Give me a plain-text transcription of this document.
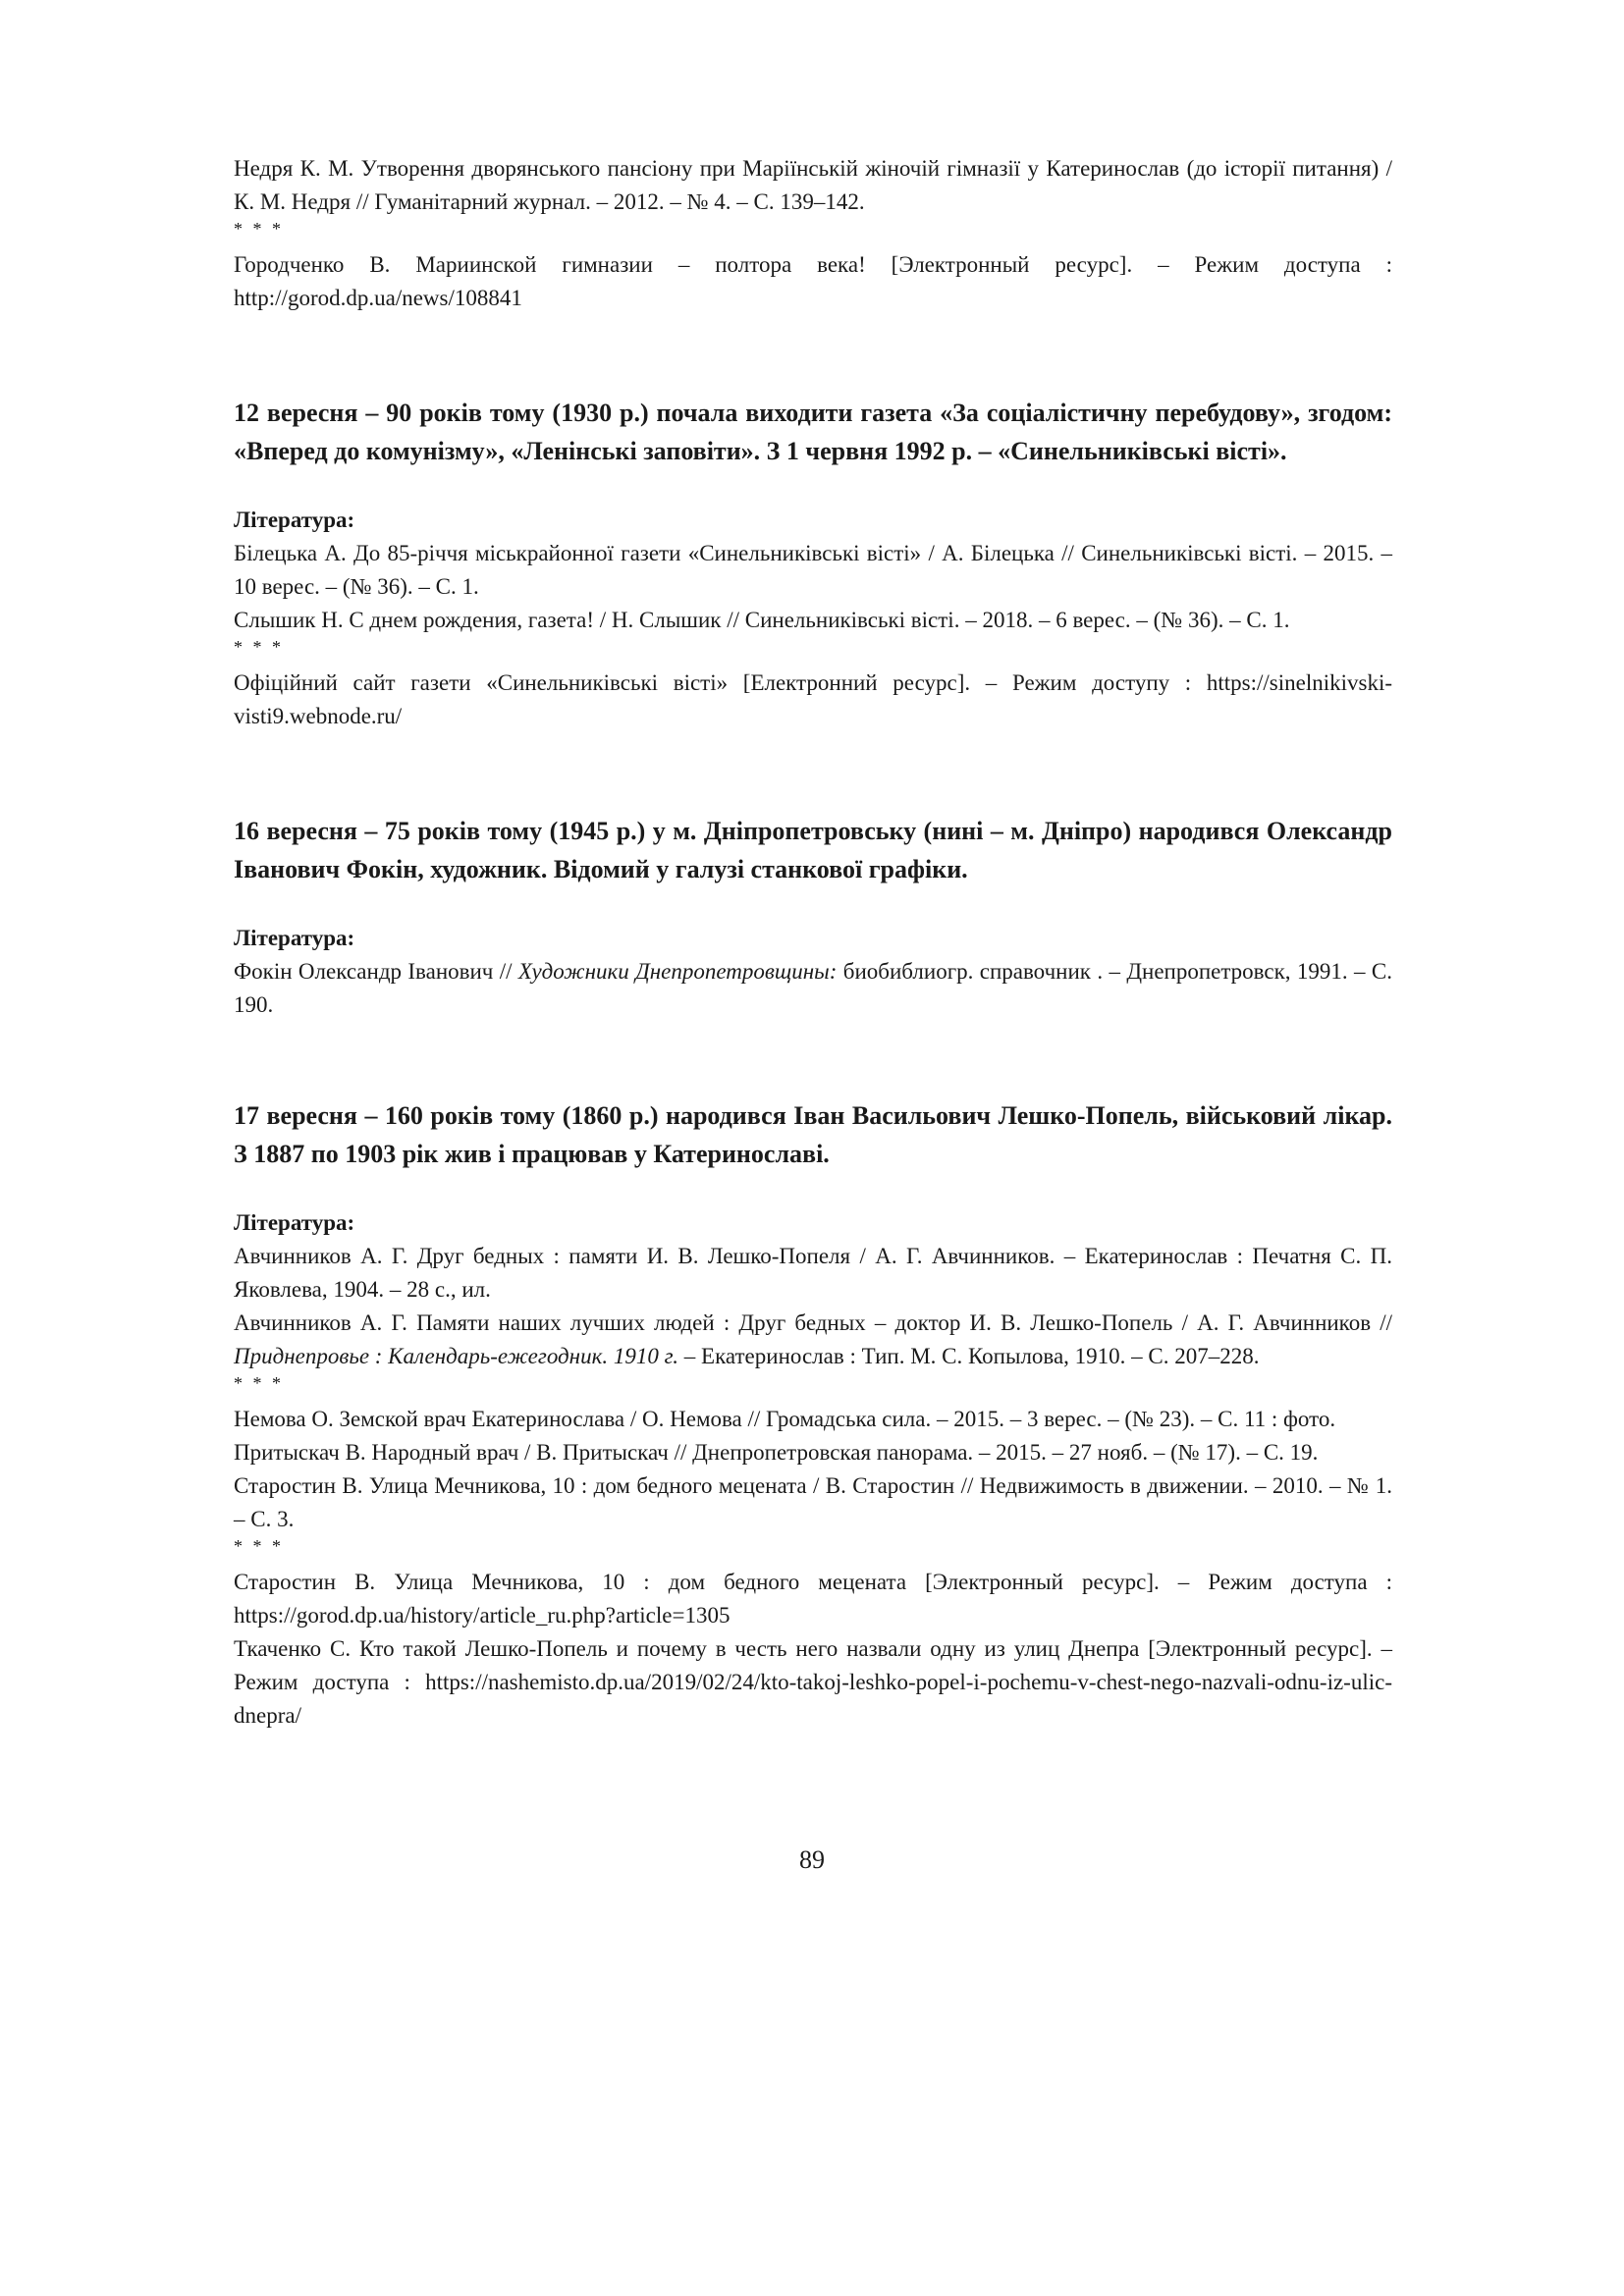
Недря К. М. Утворення дворянського пансіону при Маріїнській жіночій гімназії у Катеринослав (до історії питання) / К. М. Недря // Гуманітарний журнал. – 2012. – № 4. – С. 139–142.

* * *

Городченко В. Мариинской гимназии – полтора века! [Электронный ресурс]. – Режим доступа : http://gorod.dp.ua/news/108841

12 вересня – 90 років тому (1930 р.) почала виходити газета «За соціалістичну перебудову», згодом: «Вперед до комунізму», «Ленінські заповіти». З 1 червня 1992 р. – «Синельниківські вісті».

Література:

Білецька А. До 85-річчя міськрайонної газети «Синельниківські вісті» / А. Білецька // Синельниківські вісті. – 2015. – 10 верес. – (№ 36). – С. 1.

Слышик Н. С днем рождения, газета! / Н. Слышик // Синельниківські вісті. – 2018. – 6 верес. – (№ 36). – С. 1.

* * *

Офіційний сайт газети «Синельниківські вісті» [Електронний ресурс]. – Режим доступу : https://sinelnikivski-visti9.webnode.ru/

16 вересня – 75 років тому (1945 р.) у м. Дніпропетровську (нині – м. Дніпро) народився Олександр Іванович Фокін, художник. Відомий у галузі станкової графіки.

Література:

Фокін Олександр Іванович // Художники Днепропетровщины: биобиблиогр. справочник . – Днепропетровск, 1991. – С. 190.

17 вересня – 160 років тому (1860 р.) народився Іван Васильович Лешко-Попель, військовий лікар. З 1887 по 1903 рік жив і працював у Катеринославі.

Література:

Авчинников А. Г. Друг бедных : памяти И. В. Лешко-Попеля / А. Г. Авчинников. – Екатеринослав : Печатня С. П. Яковлева, 1904. – 28 с., ил.

Авчинников А. Г. Памяти наших лучших людей : Друг бедных – доктор И. В. Лешко-Попель / А. Г. Авчинников // Приднепровье : Календарь-ежегодник. 1910 г. – Екатеринослав : Тип. М. С. Копылова, 1910. – С. 207–228.

* * *

Немова О. Земской врач Екатеринослава / О. Немова // Громадська сила. – 2015. – 3 верес. – (№ 23). – С. 11 : фото.

Притыскач В. Народный врач / В. Притыскач // Днепропетровская панорама. – 2015. – 27 нояб. – (№ 17). – С. 19.

Старостин В. Улица Мечникова, 10 : дом бедного мецената / В. Старостин // Недвижимость в движении. – 2010. – № 1. – С. 3.

* * *

Старостин В. Улица Мечникова, 10 : дом бедного мецената [Электронный ресурс]. – Режим доступа : https://gorod.dp.ua/history/article_ru.php?article=1305

Ткаченко С. Кто такой Лешко-Попель и почему в честь него назвали одну из улиц Днепра [Электронный ресурс]. – Режим доступа : https://nashemisto.dp.ua/2019/02/24/kto-takoj-leshko-popel-i-pochemu-v-chest-nego-nazvali-odnu-iz-ulic-dnepra/

89
